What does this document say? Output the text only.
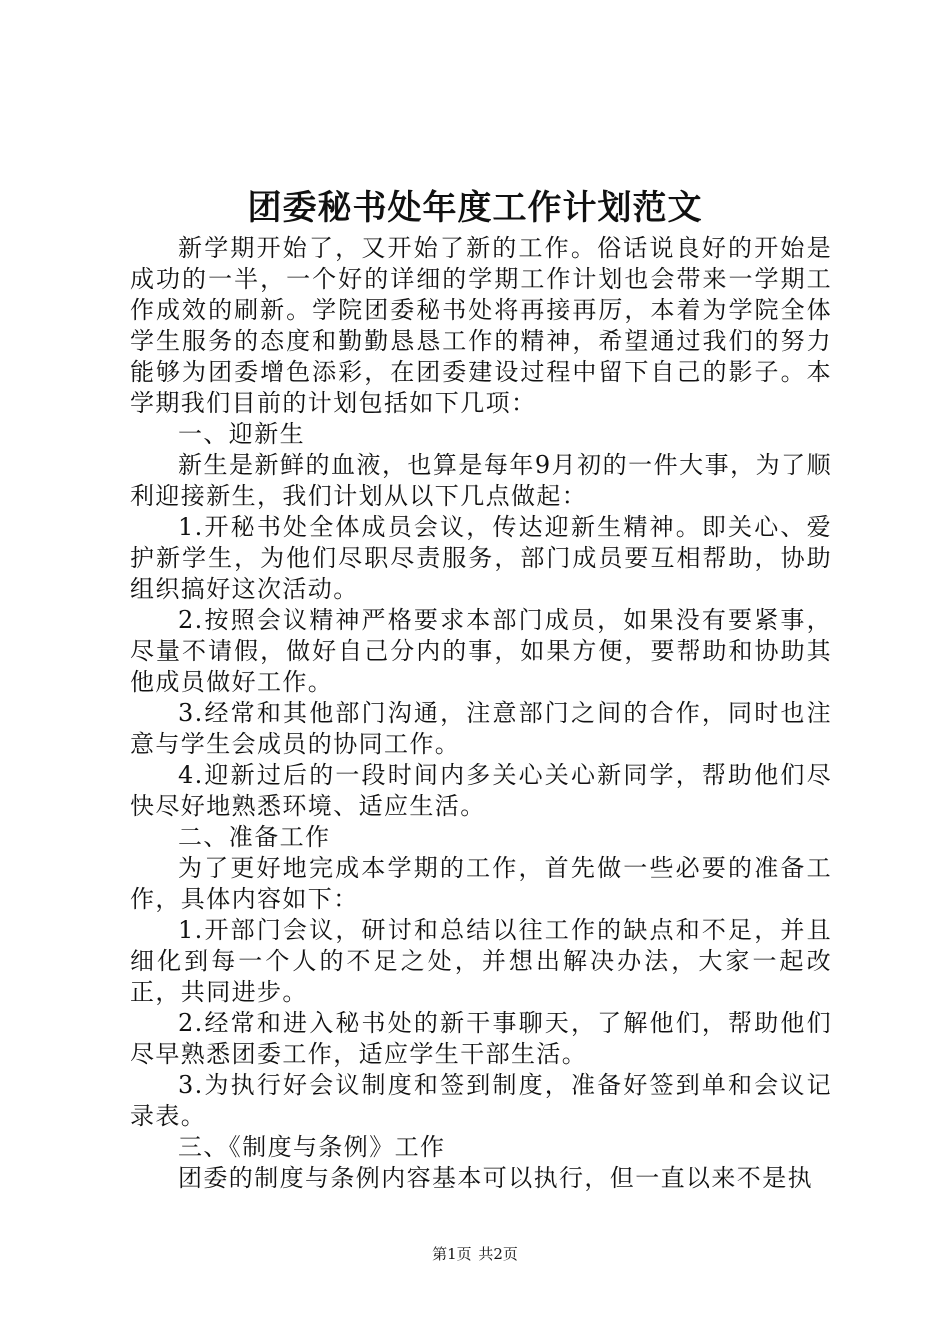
团委秘书处年度工作计划范文

新学期开始了，又开始了新的工作。俗话说良好的开始是成功的一半，一个好的详细的学期工作计划也会带来一学期工作成效的刷新。学院团委秘书处将再接再厉，本着为学院全体学生服务的态度和勤勤恳恳工作的精神，希望通过我们的努力能够为团委增色添彩，在团委建设过程中留下自己的影子。本学期我们目前的计划包括如下几项：

一、迎新生

新生是新鲜的血液，也算是每年9月初的一件大事，为了顺利迎接新生，我们计划从以下几点做起：

1.开秘书处全体成员会议，传达迎新生精神。即关心、爱护新学生，为他们尽职尽责服务，部门成员要互相帮助，协助组织搞好这次活动。

2.按照会议精神严格要求本部门成员，如果没有要紧事，尽量不请假，做好自己分内的事，如果方便，要帮助和协助其他成员做好工作。

3.经常和其他部门沟通，注意部门之间的合作，同时也注意与学生会成员的协同工作。

4.迎新过后的一段时间内多关心关心新同学，帮助他们尽快尽好地熟悉环境、适应生活。

二、准备工作

为了更好地完成本学期的工作，首先做一些必要的准备工作，具体内容如下：

1.开部门会议，研讨和总结以往工作的缺点和不足，并且细化到每一个人的不足之处，并想出解决办法，大家一起改正，共同进步。

2.经常和进入秘书处的新干事聊天，了解他们，帮助他们尽早熟悉团委工作，适应学生干部生活。

3.为执行好会议制度和签到制度，准备好签到单和会议记录表。

三、《制度与条例》工作

团委的制度与条例内容基本可以执行，但一直以来不是执

第1页 共2页
